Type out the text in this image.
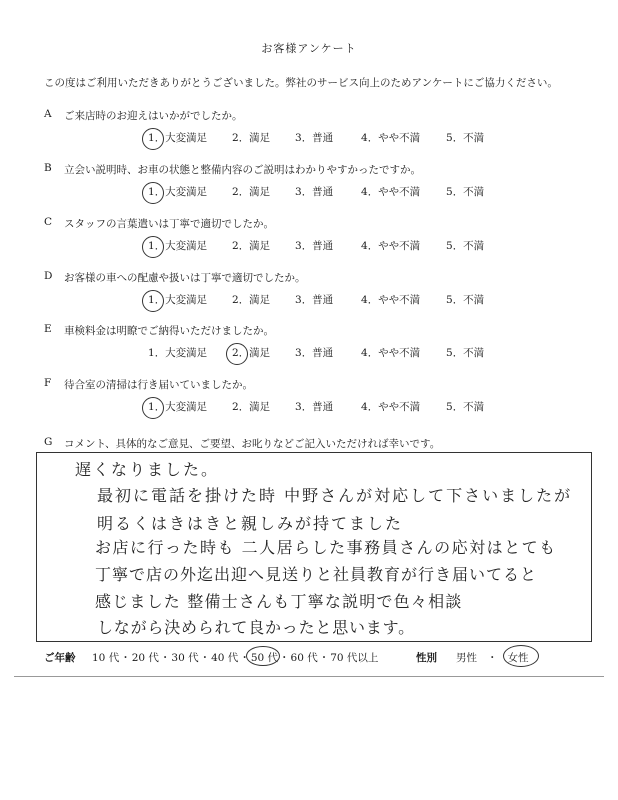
お客様アンケート
この度はご利用いただきありがとうございました。弊社のサービス向上のためアンケートにご協力ください。
A	ご来店時のお迎えはいかがでしたか。
1．大変満足 2．満足 3．普通	4．やや不満 5．不満
B	立会い説明時、お車の状態と整備内容のご説明はわかりやすかったですか。
1．大変満足 2．満足 3．普通	4．やや不満 5．不満
C	スタッフの言葉遣いは丁寧で適切でしたか。
1．大変満足 2．満足 3．普通	4．やや不満 5．不満
D	お客様の車への配慮や扱いは丁寧で適切でしたか。
1．大変満足 2．満足 3．普通	4．やや不満 5．不満
E	車検料金は明瞭でご納得いただけましたか。
1．大変満足 2．満足 3．普通	4．やや不満 5．不満
F	待合室の清掃は行き届いていましたか。
1．大変満足 2．満足 3．普通	4．やや不満 5．不満
G	コメント、具体的なご意見、ご要望、お叱りなどご記入いただければ幸いです。
遅くなりました。
最初に電話を掛けた時 中野さんが対応して下さいましたが
明るくはきはきと親しみが持てました
お店に行った時も 二人居らした事務員さんの応対はとても
丁寧で店の外迄出迎へ見送りと社員教育が行き届いてると
感じました 整備士さんも丁寧な説明で色々相談
しながら決められて良かったと思います。
ご年齢 10 代・20 代・30 代・40 代・50 代・60 代・70 代以上	性別 男性 ・ 女性
